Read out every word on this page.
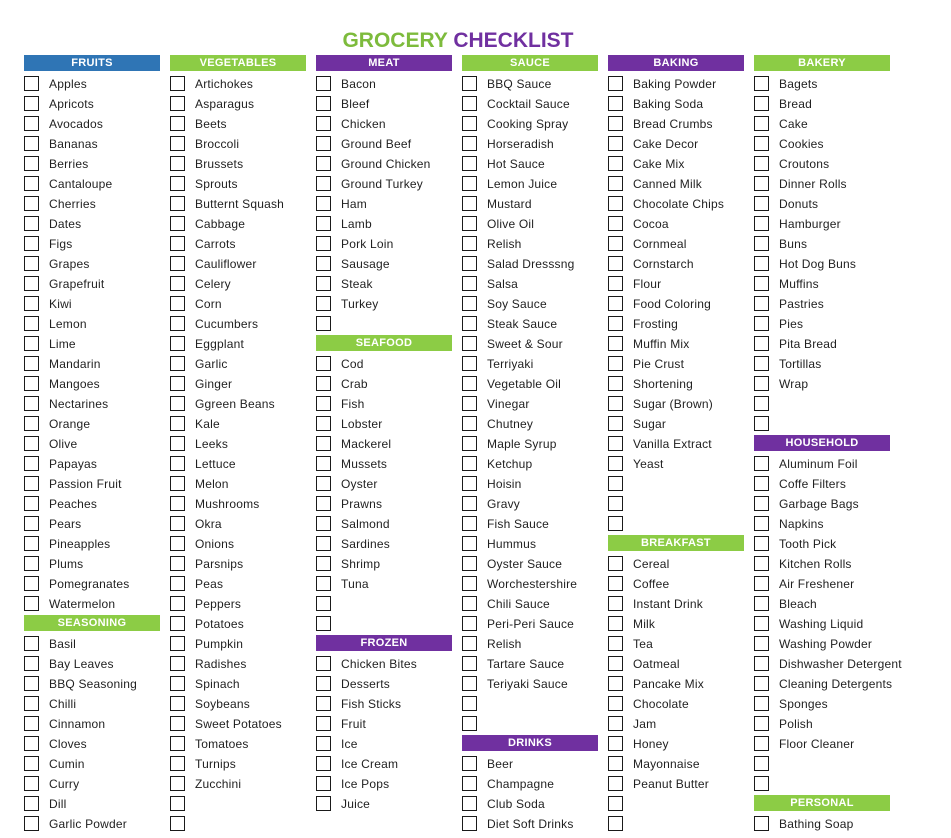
GROCERY CHECKLIST
FRUITS
Apples
Apricots
Avocados
Bananas
Berries
Cantaloupe
Cherries
Dates
Figs
Grapes
Grapefruit
Kiwi
Lemon
Lime
Mandarin
Mangoes
Nectarines
Orange
Olive
Papayas
Passion Fruit
Peaches
Pears
Pineapples
Plums
Pomegranates
Watermelon
SEASONING
Basil
Bay Leaves
BBQ Seasoning
Chilli
Cinnamon
Cloves
Cumin
Curry
Dill
Garlic Powder
VEGETABLES
Artichokes
Asparagus
Beets
Broccoli
Brussets
Sprouts
Butternt Squash
Cabbage
Carrots
Cauliflower
Celery
Corn
Cucumbers
Eggplant
Garlic
Ginger
Ggreen Beans
Kale
Leeks
Lettuce
Melon
Mushrooms
Okra
Onions
Parsnips
Peas
Peppers
Potatoes
Pumpkin
Radishes
Spinach
Soybeans
Sweet Potatoes
Tomatoes
Turnips
Zucchini
MEAT
Bacon
Bleef
Chicken
Ground Beef
Ground Chicken
Ground Turkey
Ham
Lamb
Pork Loin
Sausage
Steak
Turkey
SEAFOOD
Cod
Crab
Fish
Lobster
Mackerel
Mussets
Oyster
Prawns
Salmond
Sardines
Shrimp
Tuna
FROZEN
Chicken Bites
Desserts
Fish Sticks
Fruit
Ice
Ice Cream
Ice Pops
Juice
SAUCE
BBQ Sauce
Cocktail Sauce
Cooking Spray
Horseradish
Hot Sauce
Lemon Juice
Mustard
Olive Oil
Relish
Salad Dresssng
Salsa
Soy Sauce
Steak Sauce
Sweet & Sour
Terriyaki
Vegetable Oil
Vinegar
Chutney
Maple Syrup
Ketchup
Hoisin
Gravy
Fish Sauce
Hummus
Oyster Sauce
Worchestershire
Chili Sauce
Peri-Peri Sauce
Relish
Tartare Sauce
Teriyaki Sauce
DRINKS
Beer
Champagne
Club Soda
Diet Soft Drinks
BAKING
Baking Powder
Baking Soda
Bread Crumbs
Cake Decor
Cake Mix
Canned Milk
Chocolate Chips
Cocoa
Cornmeal
Cornstarch
Flour
Food Coloring
Frosting
Muffin Mix
Pie Crust
Shortening
Sugar (Brown)
Sugar
Vanilla Extract
Yeast
BREAKFAST
Cereal
Coffee
Instant Drink
Milk
Tea
Oatmeal
Pancake Mix
Chocolate
Jam
Honey
Mayonnaise
Peanut Butter
BAKERY
Bagets
Bread
Cake
Cookies
Croutons
Dinner Rolls
Donuts
Hamburger
Buns
Hot Dog Buns
Muffins
Pastries
Pies
Pita Bread
Tortillas
Wrap
HOUSEHOLD
Aluminum Foil
Coffe Filters
Garbage Bags
Napkins
Tooth Pick
Kitchen Rolls
Air Freshener
Bleach
Washing Liquid
Washing Powder
Dishwasher Detergent
Cleaning Detergents
Sponges
Polish
Floor Cleaner
PERSONAL
Bathing Soap
